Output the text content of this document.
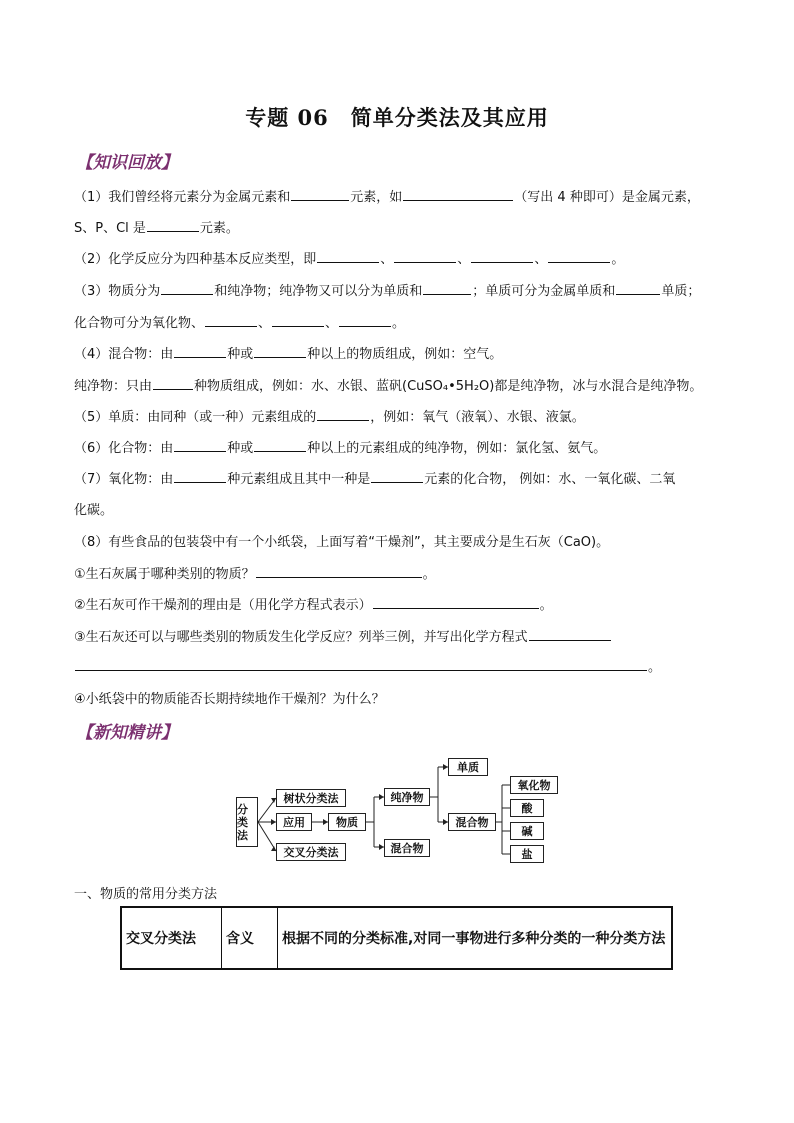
专题 06　简单分类法及其应用
【知识回放】
（1）我们曾经将元素分为金属元素和	元素，如	（写出 4 种即可）是金属元素，
S、P、Cl 是	元素。
（2）化学反应分为四种基本反应类型，即	、	、	、	。
（3）物质分为	和纯净物；纯净物又可以分为单质和	；单质可分为金属单质和	单质；
化合物可分为氧化物、	、	、	。
（4）混合物：由	种或	种以上的物质组成，例如：空气。
纯净物：只由	种物质组成，例如：水、水银、蓝矾(CuSO₄•5H₂O)都是纯净物，冰与水混合是纯净物。
（5）单质：由同种（或一种）元素组成的	，例如：氧气（液氧）、水银、液氯。
（6）化合物：由	种或	种以上的元素组成的纯净物，例如：氯化氢、氨气。
（7）氧化物：由	种元素组成且其中一种是	元素的化合物， 例如：水、一氧化碳、二氧
化碳。
（8）有些食品的包装袋中有一个小纸袋，上面写着“干燥剂”，其主要成分是生石灰（CaO)。
①生石灰属于哪种类别的物质？	。
②生石灰可作干燥剂的理由是（用化学方程式表示）	。
③生石灰还可以与哪些类别的物质发生化学反应？列举三例，并写出化学方程式
。
④小纸袋中的物质能否长期持续地作干燥剂？为什么？
【新知精讲】
分类法
树状分类法
应用
交叉分类法
物质
纯净物
混合物
单质
混合物
氧化物
酸
碱
盐
一、物质的常用分类方法
交叉分类法	含义	根据不同的分类标准,对同一事物进行多种分类的一种分类方法
